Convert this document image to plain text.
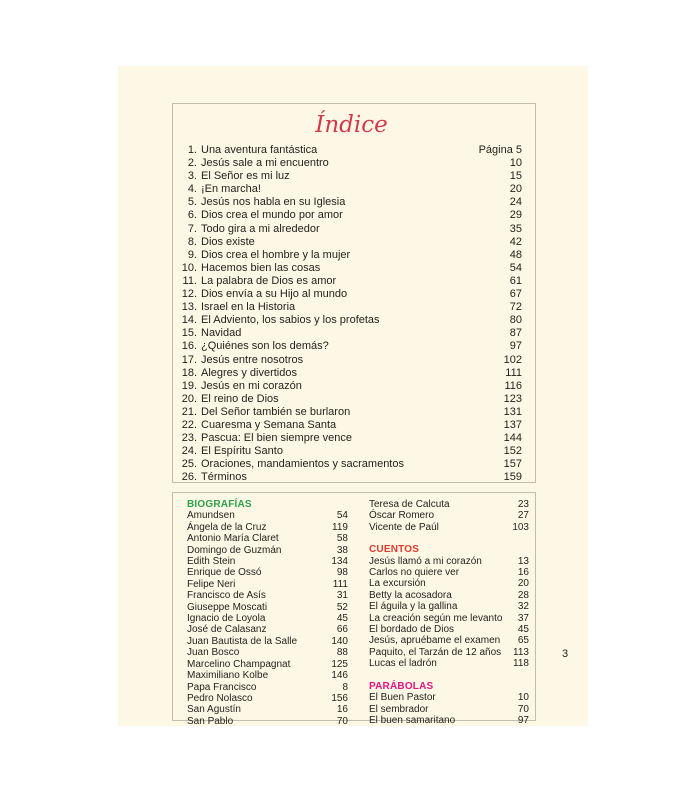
Índice
1. Una aventura fantástica	Página 5
2. Jesús sale a mi encuentro	10
3. El Señor es mi luz	15
4. ¡En marcha!	20
5. Jesús nos habla en su Iglesia	24
6. Dios crea el mundo por amor	29
7. Todo gira a mi alrededor	35
8. Dios existe	42
9. Dios crea el hombre y la mujer	48
10. Hacemos bien las cosas	54
11. La palabra de Dios es amor	61
12. Dios envía a su Hijo al mundo	67
13. Israel en la Historia	72
14. El Adviento, los sabios y los profetas	80
15. Navidad	87
16. ¿Quiénes son los demás?	97
17. Jesús entre nosotros	102
18. Alegres y divertidos	111
19. Jesús en mi corazón	116
20. El reino de Dios	123
21. Del Señor también se burlaron	131
22. Cuaresma y Semana Santa	137
23. Pascua: El bien siempre vence	144
24. El Espíritu Santo	152
25. Oraciones, mandamientos y sacramentos	157
26. Términos	159
BIOGRAFÍAS
Amundsen	54
Ángela de la Cruz	119
Antonio María Claret	58
Domingo de Guzmán	38
Edith Stein	134
Enrique de Ossó	98
Felipe Neri	111
Francisco de Asís	31
Giuseppe Moscati	52
Ignacio de Loyola	45
José de Calasanz	66
Juan Bautista de la Salle	140
Juan Bosco	88
Marcelino Champagnat	125
Maximiliano Kolbe	146
Papa Francisco	8
Pedro Nolasco	156
San Agustín	16
San Pablo	70
Teresa de Calcuta	23
Óscar Romero	27
Vicente de Paúl	103
CUENTOS
Jesús llamó a mi corazón	13
Carlos no quiere ver	16
La excursión	20
Betty la acosadora	28
El águila y la gallina	32
La creación según me levanto	37
El bordado de Dios	45
Jesús, apruébame el examen	65
Paquito, el Tarzán de 12 años	113
Lucas el ladrón	118
PARÁBOLAS
El Buen Pastor	10
El sembrador	70
El buen samaritano	97
3
